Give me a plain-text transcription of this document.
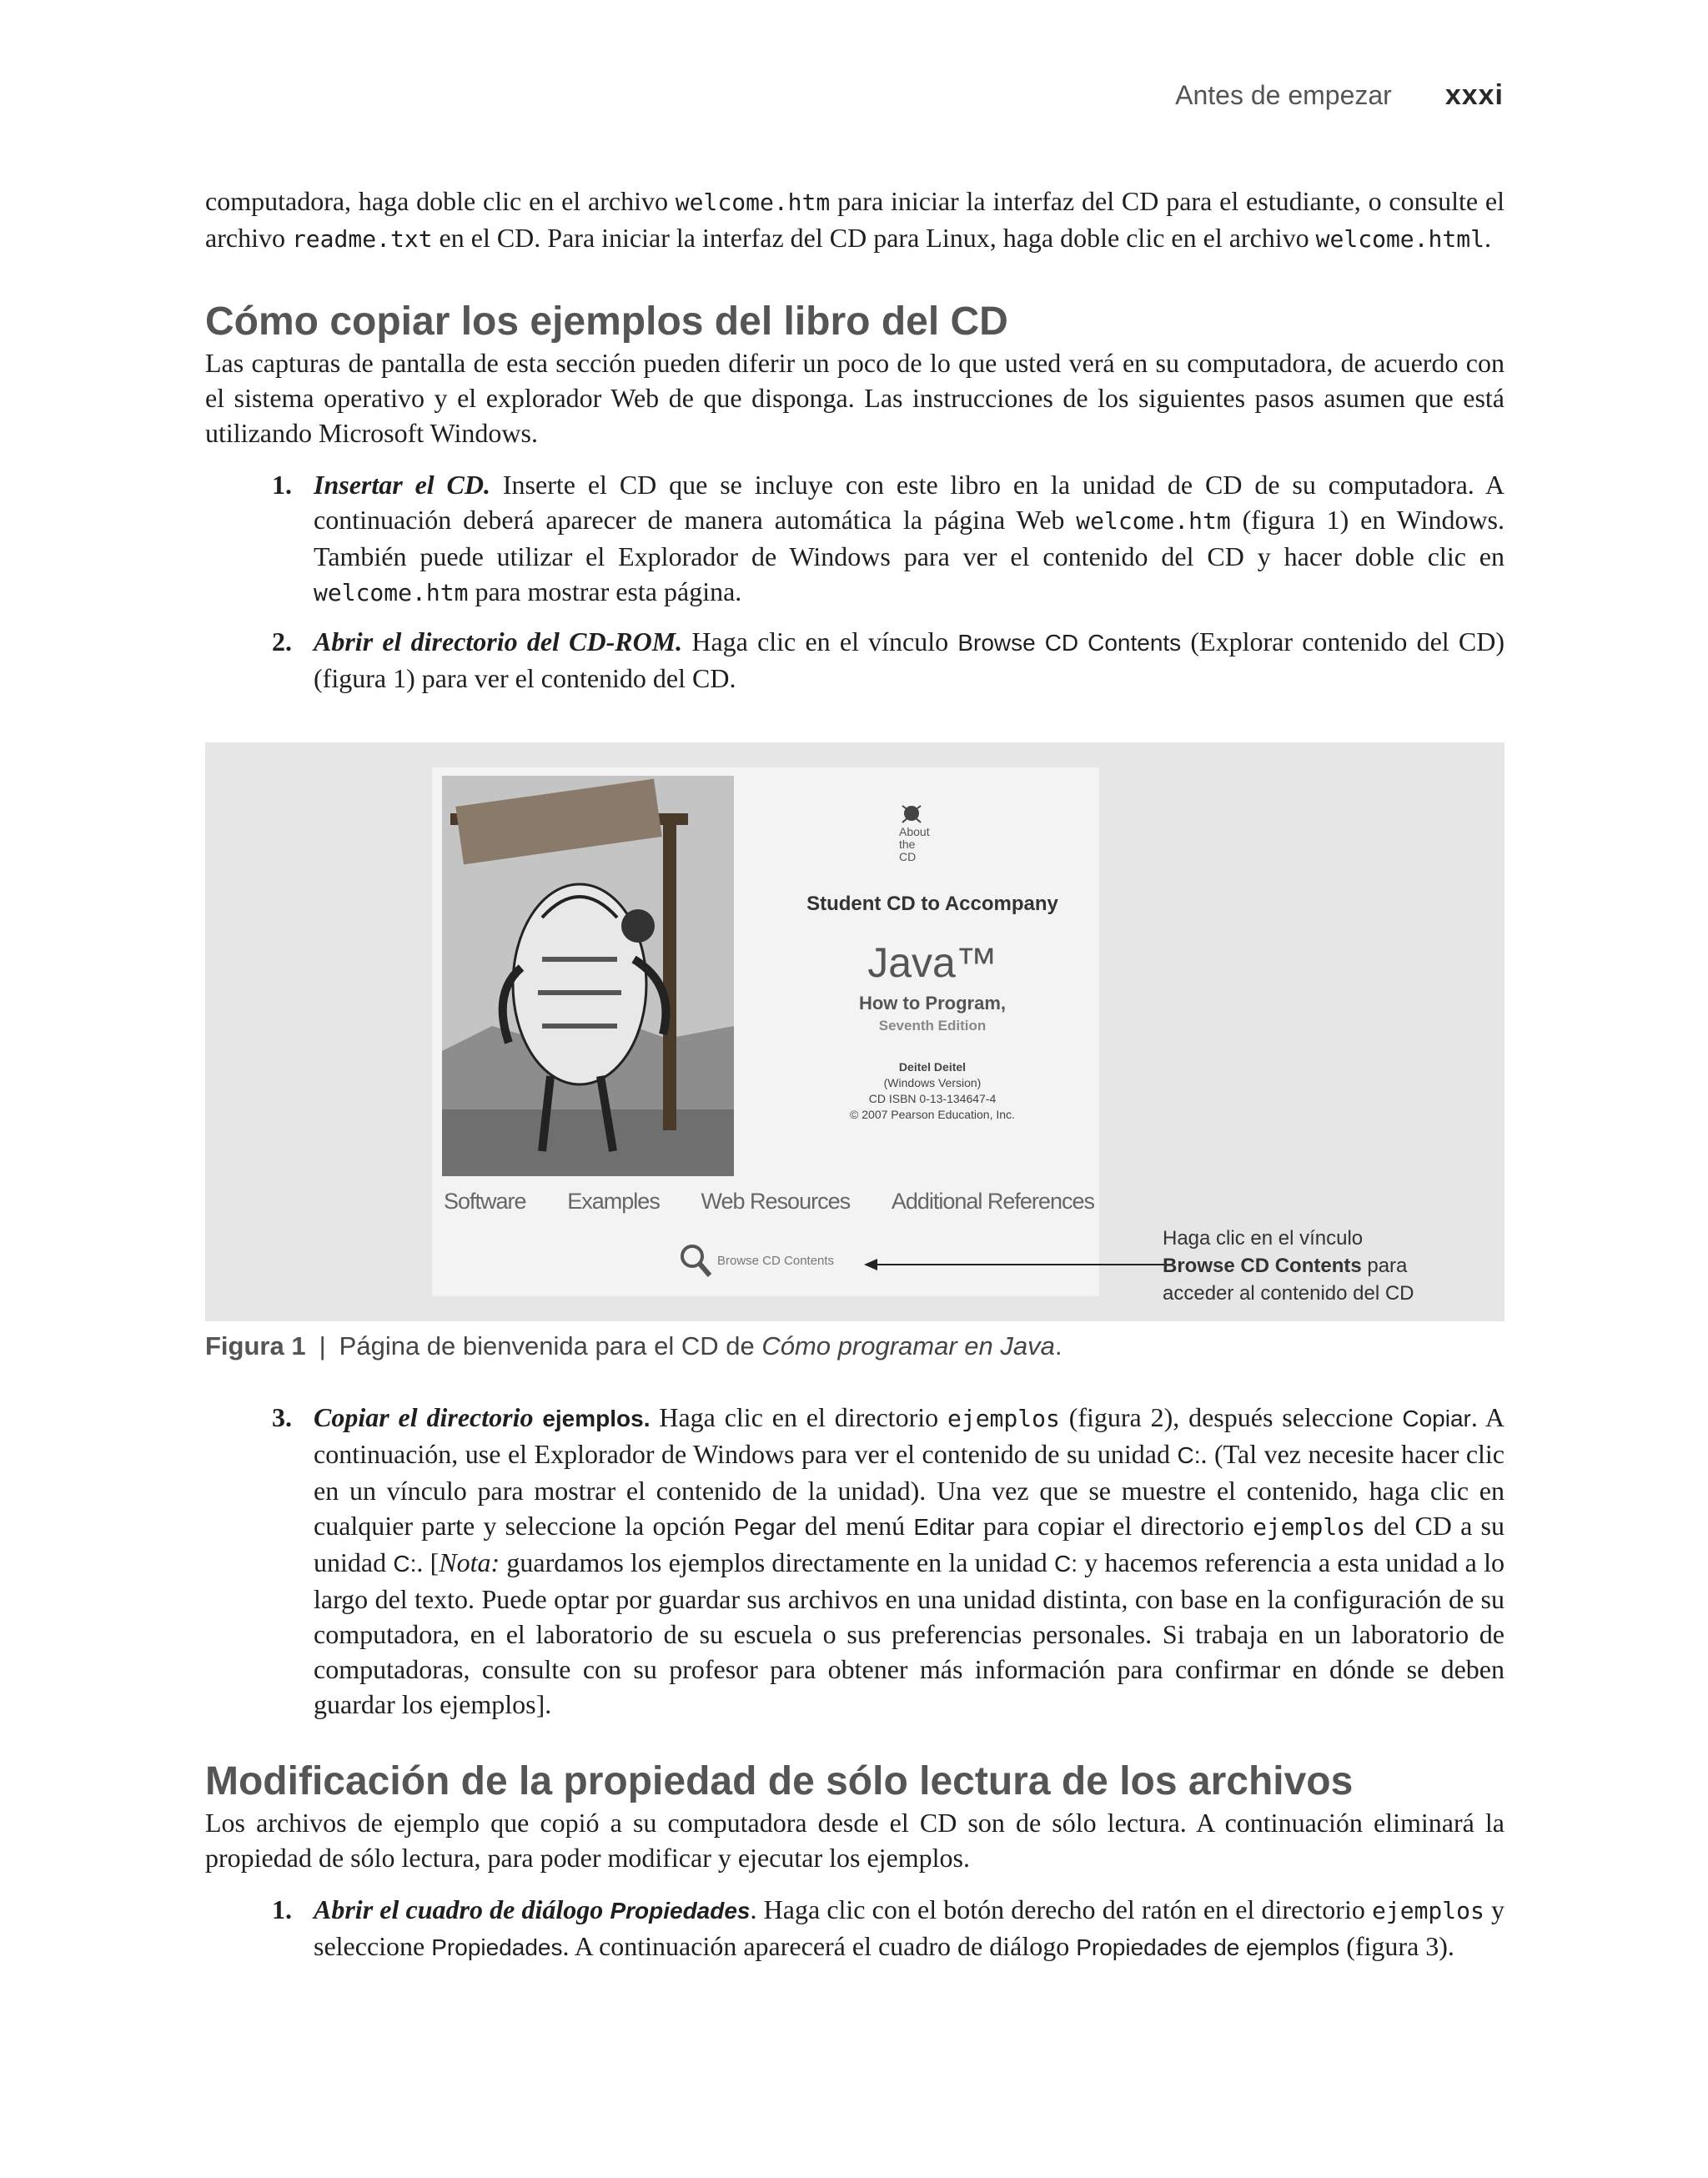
Antes de empezar xxxi

computadora, haga doble clic en el archivo welcome.htm para iniciar la interfaz del CD para el estudiante, o consulte el archivo readme.txt en el CD. Para iniciar la interfaz del CD para Linux, haga doble clic en el archivo welcome.html.

Cómo copiar los ejemplos del libro del CD

Las capturas de pantalla de esta sección pueden diferir un poco de lo que usted verá en su computadora, de acuerdo con el sistema operativo y el explorador Web de que disponga. Las instrucciones de los siguientes pasos asumen que está utilizando Microsoft Windows.

1. Insertar el CD. Inserte el CD que se incluye con este libro en la unidad de CD de su computadora. A continuación deberá aparecer de manera automática la página Web welcome.htm (figura 1) en Windows. También puede utilizar el Explorador de Windows para ver el contenido del CD y hacer doble clic en welcome.htm para mostrar esta página.

2. Abrir el directorio del CD-ROM. Haga clic en el vínculo Browse CD Contents (Explorar contenido del CD) (figura 1) para ver el contenido del CD.

About
the
CD
Student CD to Accompany
Java™
How to Program,
Seventh Edition
Deitel Deitel
(Windows Version)
CD ISBN 0-13-134647-4
© 2007 Pearson Education, Inc.
Software Examples Web Resources Additional References
Browse CD Contents
Haga clic en el vínculo Browse CD Contents para acceder al contenido del CD
Figura 1 | Página de bienvenida para el CD de Cómo programar en Java.
3. Copiar el directorio ejemplos. Haga clic en el directorio ejemplos (figura 2), después seleccione Copiar. A continuación, use el Explorador de Windows para ver el contenido de su unidad C:. (Tal vez necesite hacer clic en un vínculo para mostrar el contenido de la unidad). Una vez que se muestre el contenido, haga clic en cualquier parte y seleccione la opción Pegar del menú Editar para copiar el directorio ejemplos del CD a su unidad C:. [Nota: guardamos los ejemplos directamente en la unidad C: y hacemos referencia a esta unidad a lo largo del texto. Puede optar por guardar sus archivos en una unidad distinta, con base en la configuración de su computadora, en el laboratorio de su escuela o sus preferencias personales. Si trabaja en un laboratorio de computadoras, consulte con su profesor para obtener más información para confirmar en dónde se deben guardar los ejemplos].

Modificación de la propiedad de sólo lectura de los archivos

Los archivos de ejemplo que copió a su computadora desde el CD son de sólo lectura. A continuación eliminará la propiedad de sólo lectura, para poder modificar y ejecutar los ejemplos.

1. Abrir el cuadro de diálogo Propiedades. Haga clic con el botón derecho del ratón en el directorio ejemplos y seleccione Propiedades. A continuación aparecerá el cuadro de diálogo Propiedades de ejemplos (figura 3).
